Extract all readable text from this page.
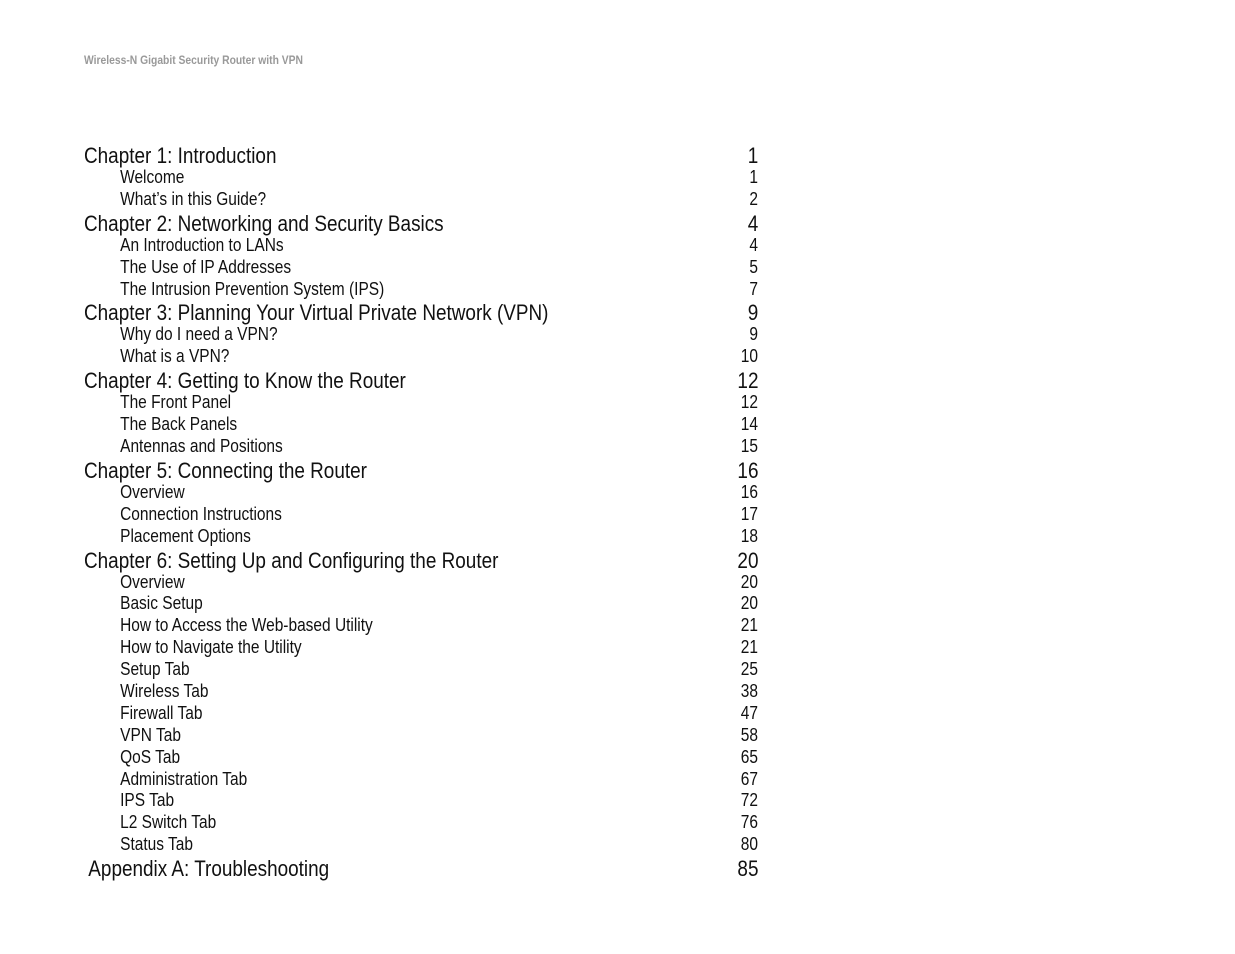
Wireless-N Gigabit Security Router with VPN
Chapter 1: Introduction	1
Welcome	1
What’s in this Guide?	2
Chapter 2: Networking and Security Basics	4
An Introduction to LANs	4
The Use of IP Addresses	5
The Intrusion Prevention System (IPS)	7
Chapter 3: Planning Your Virtual Private Network (VPN)	9
Why do I need a VPN?	9
What is a VPN?	10
Chapter 4: Getting to Know the Router	12
The Front Panel	12
The Back Panels	14
Antennas and Positions	15
Chapter 5: Connecting the Router	16
Overview	16
Connection Instructions	17
Placement Options	18
Chapter 6: Setting Up and Configuring the Router	20
Overview	20
Basic Setup	20
How to Access the Web-based Utility	21
How to Navigate the Utility	21
Setup Tab	25
Wireless Tab	38
Firewall Tab	47
VPN Tab	58
QoS Tab	65
Administration Tab	67
IPS Tab	72
L2 Switch Tab	76
Status Tab	80
Appendix A: Troubleshooting	85
